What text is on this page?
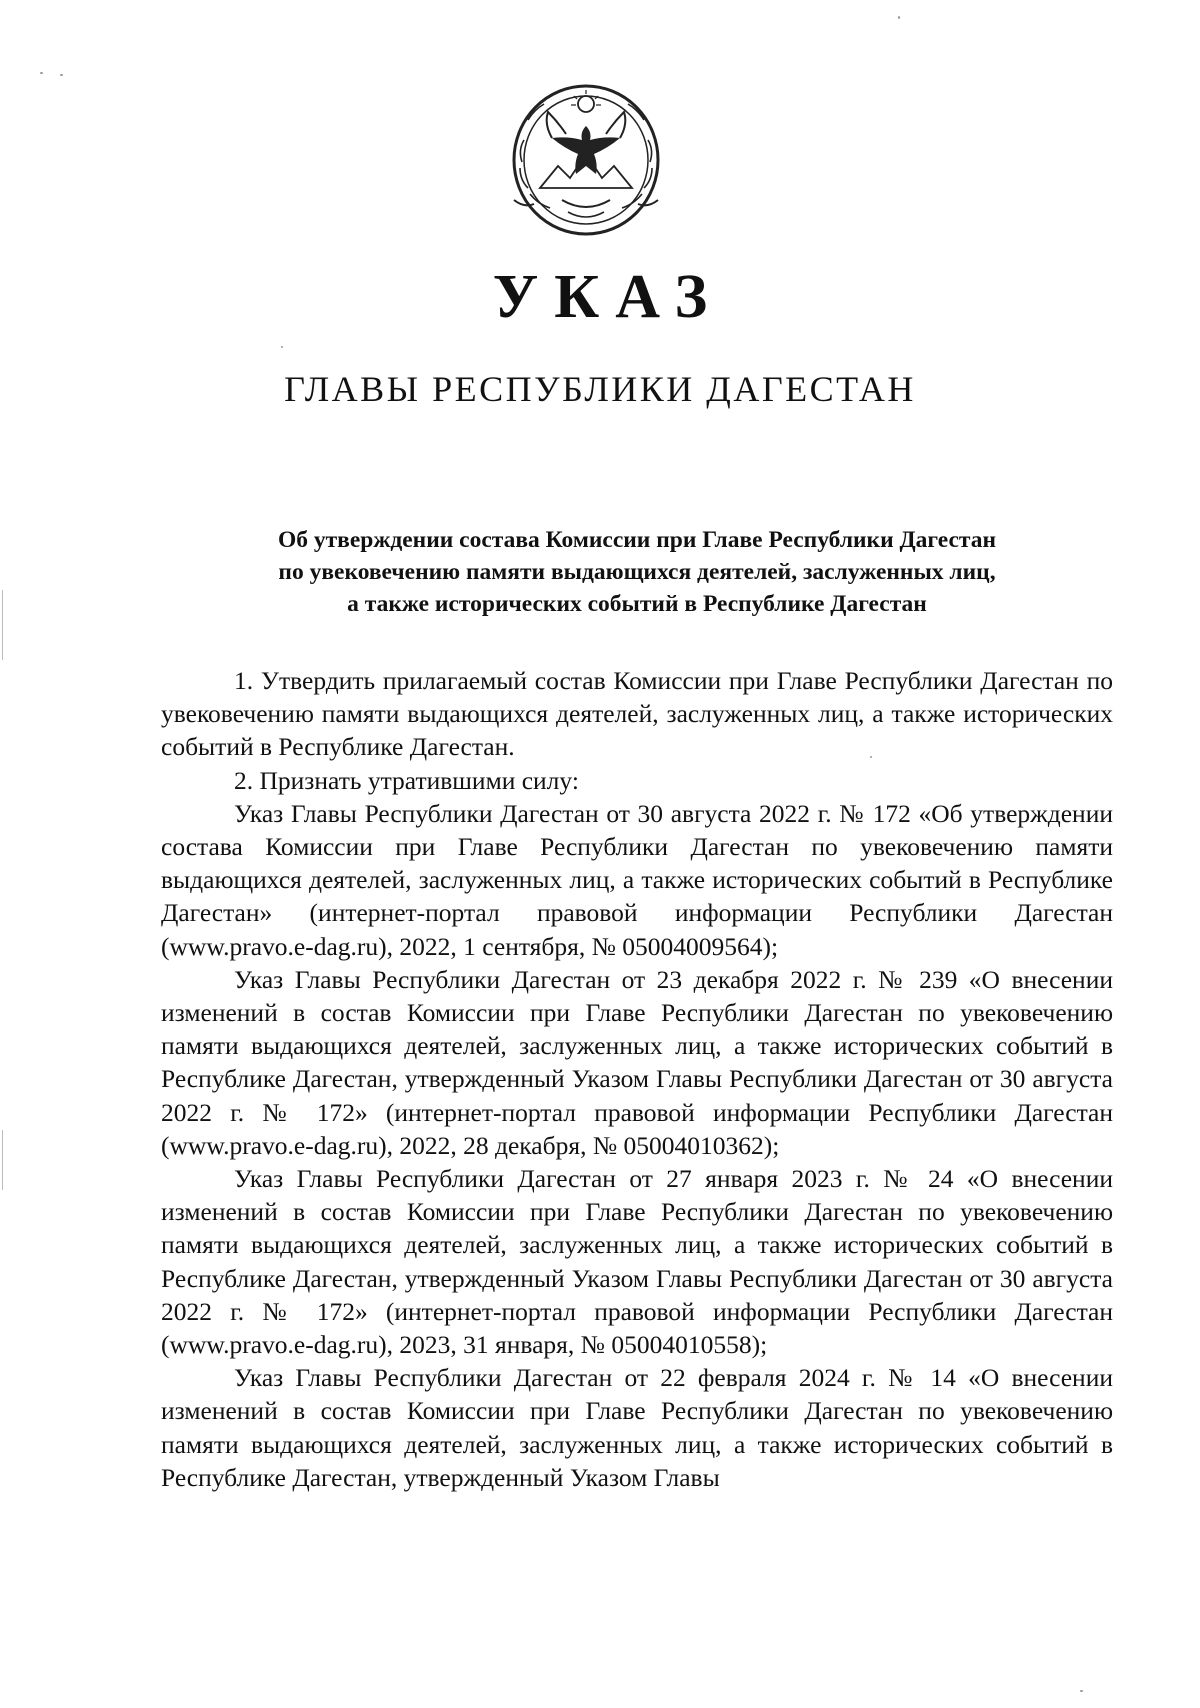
УКАЗ
ГЛАВЫ РЕСПУБЛИКИ ДАГЕСТАН
Об утверждении состава Комиссии при Главе Республики Дагестан
по увековечению памяти выдающихся деятелей, заслуженных лиц,
а также исторических событий в Республике Дагестан

1. Утвердить прилагаемый состав Комиссии при Главе Республики Дагестан по увековечению памяти выдающихся деятелей, заслуженных лиц, а также исторических событий в Республике Дагестан.

2. Признать утратившими силу:

Указ Главы Республики Дагестан от 30 августа 2022 г. № 172 «Об утверждении состава Комиссии при Главе Республики Дагестан по увековечению памяти выдающихся деятелей, заслуженных лиц, а также исторических событий в Республике Дагестан» (интернет-портал правовой информации Республики Дагестан (www.pravo.e-dag.ru), 2022, 1 сентября, № 05004009564);

Указ Главы Республики Дагестан от 23 декабря 2022 г. № 239 «О внесении изменений в состав Комиссии при Главе Республики Дагестан по увековечению памяти выдающихся деятелей, заслуженных лиц, а также исторических событий в Республике Дагестан, утвержденный Указом Главы Республики Дагестан от 30 августа 2022 г. № 172» (интернет-портал правовой информации Республики Дагестан (www.pravo.e-dag.ru), 2022, 28 декабря, № 05004010362);

Указ Главы Республики Дагестан от 27 января 2023 г. № 24 «О внесении изменений в состав Комиссии при Главе Республики Дагестан по увековечению памяти выдающихся деятелей, заслуженных лиц, а также исторических событий в Республике Дагестан, утвержденный Указом Главы Республики Дагестан от 30 августа 2022 г. № 172» (интернет-портал правовой информации Республики Дагестан (www.pravo.e-dag.ru), 2023, 31 января, № 05004010558);

Указ Главы Республики Дагестан от 22 февраля 2024 г. № 14 «О внесении изменений в состав Комиссии при Главе Республики Дагестан по увековечению памяти выдающихся деятелей, заслуженных лиц, а также исторических событий в Республике Дагестан, утвержденный Указом Главы
